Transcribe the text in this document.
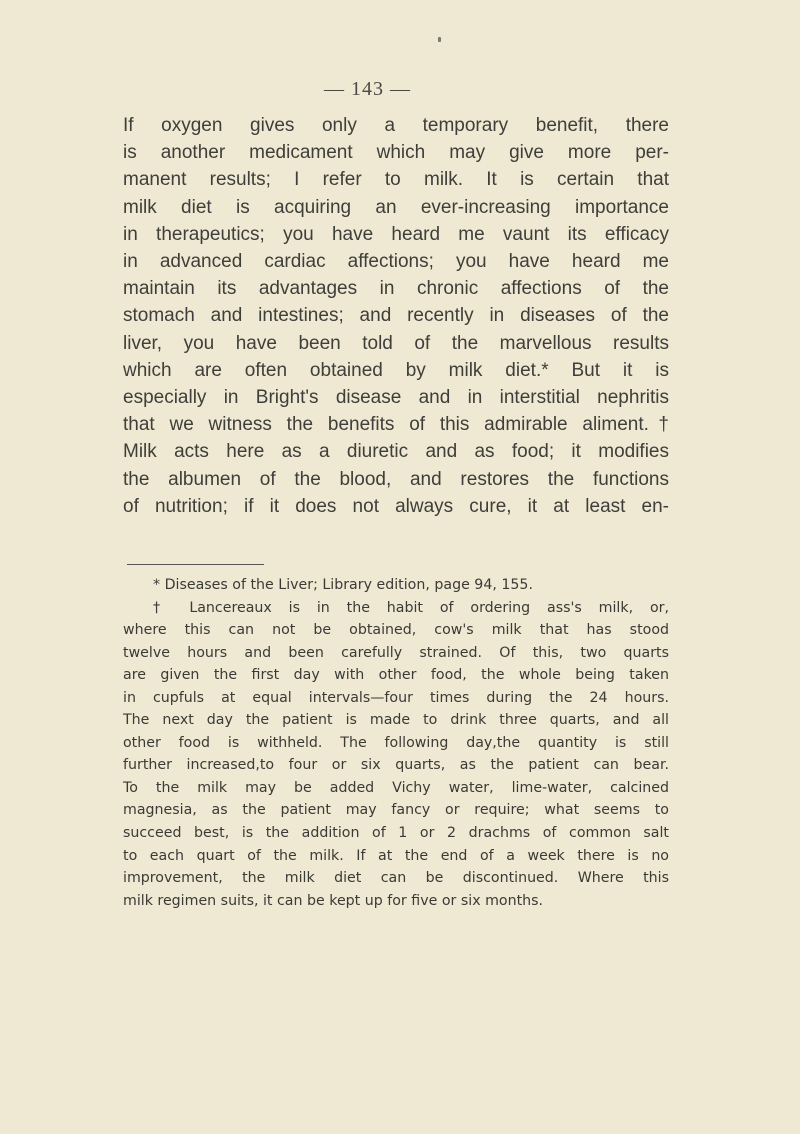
— 143 —
If oxygen gives only a temporary benefit, there
is another medicament which may give more per-
manent results; I refer to milk. It is certain that
milk diet is acquiring an ever-increasing importance
in therapeutics; you have heard me vaunt its efficacy
in advanced cardiac affections; you have heard me
maintain its advantages in chronic affections of the
stomach and intestines; and recently in diseases of the
liver, you have been told of the marvellous results
which are often obtained by milk diet.* But it is
especially in Bright's disease and in interstitial nephritis
that we witness the benefits of this admirable aliment.†
Milk acts here as a diuretic and as food; it modifies
the albumen of the blood, and restores the functions
of nutrition; if it does not always cure, it at least en-
* Diseases of the Liver; Library edition, page 94, 155.
† Lancereaux is in the habit of ordering ass's milk, or,
where this can not be obtained, cow's milk that has stood
twelve hours and been carefully strained. Of this, two quarts
are given the first day with other food, the whole being taken
in cupfuls at equal intervals—four times during the 24 hours.
The next day the patient is made to drink three quarts, and all
other food is withheld. The following day,the quantity is still
further increased,to four or six quarts, as the patient can bear.
To the milk may be added Vichy water, lime-water, calcined
magnesia, as the patient may fancy or require; what seems to
succeed best, is the addition of 1 or 2 drachms of common salt
to each quart of the milk. If at the end of a week there is no
improvement, the milk diet can be discontinued. Where this
milk regimen suits, it can be kept up for five or six months.
